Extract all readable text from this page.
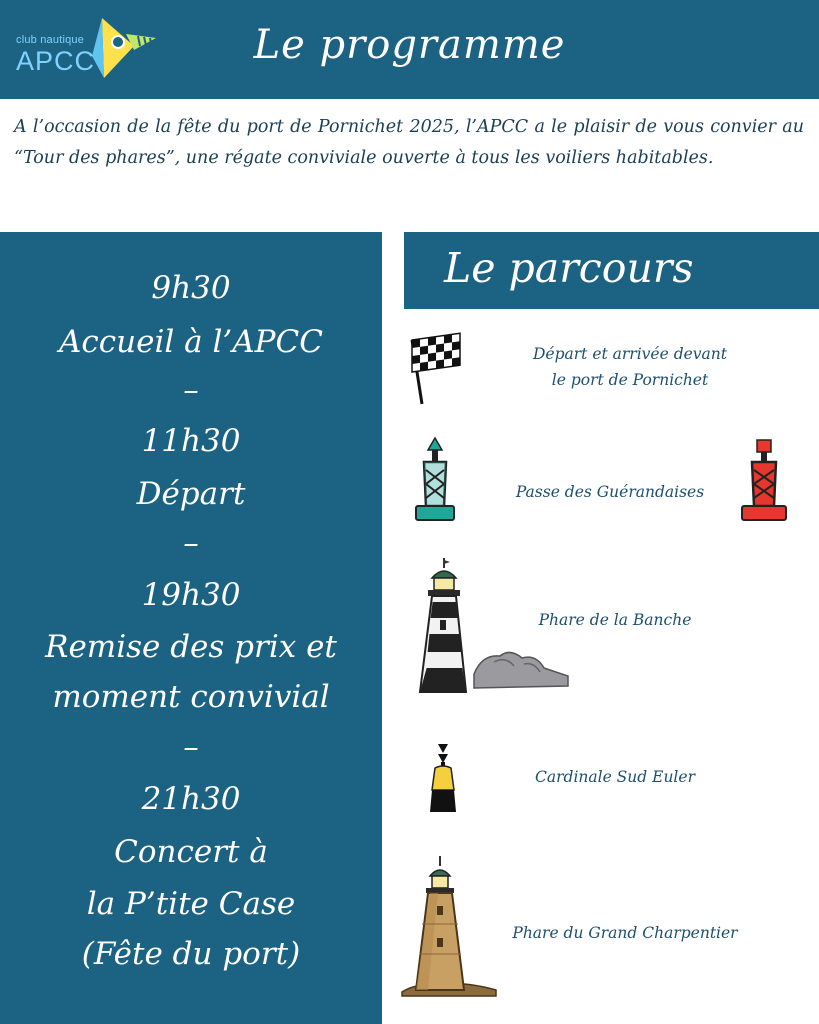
club nautique
APCC	Le programme
A l’occasion de la fête du port de Pornichet 2025, l’APCC a le plaisir de vous convier au “Tour des phares”, une régate conviviale ouverte à tous les voiliers habitables.
9h30
Accueil à l’APCC
–
11h30
Départ
–
19h30
Remise des prix et
moment convivial
–
21h30
Concert à
la P’tite Case
(Fête du port)
Le parcours
Départ et arrivée devant
le port de Pornichet
Passe des Guérandaises
Phare de la Banche
Cardinale Sud Euler
Phare du Grand Charpentier
